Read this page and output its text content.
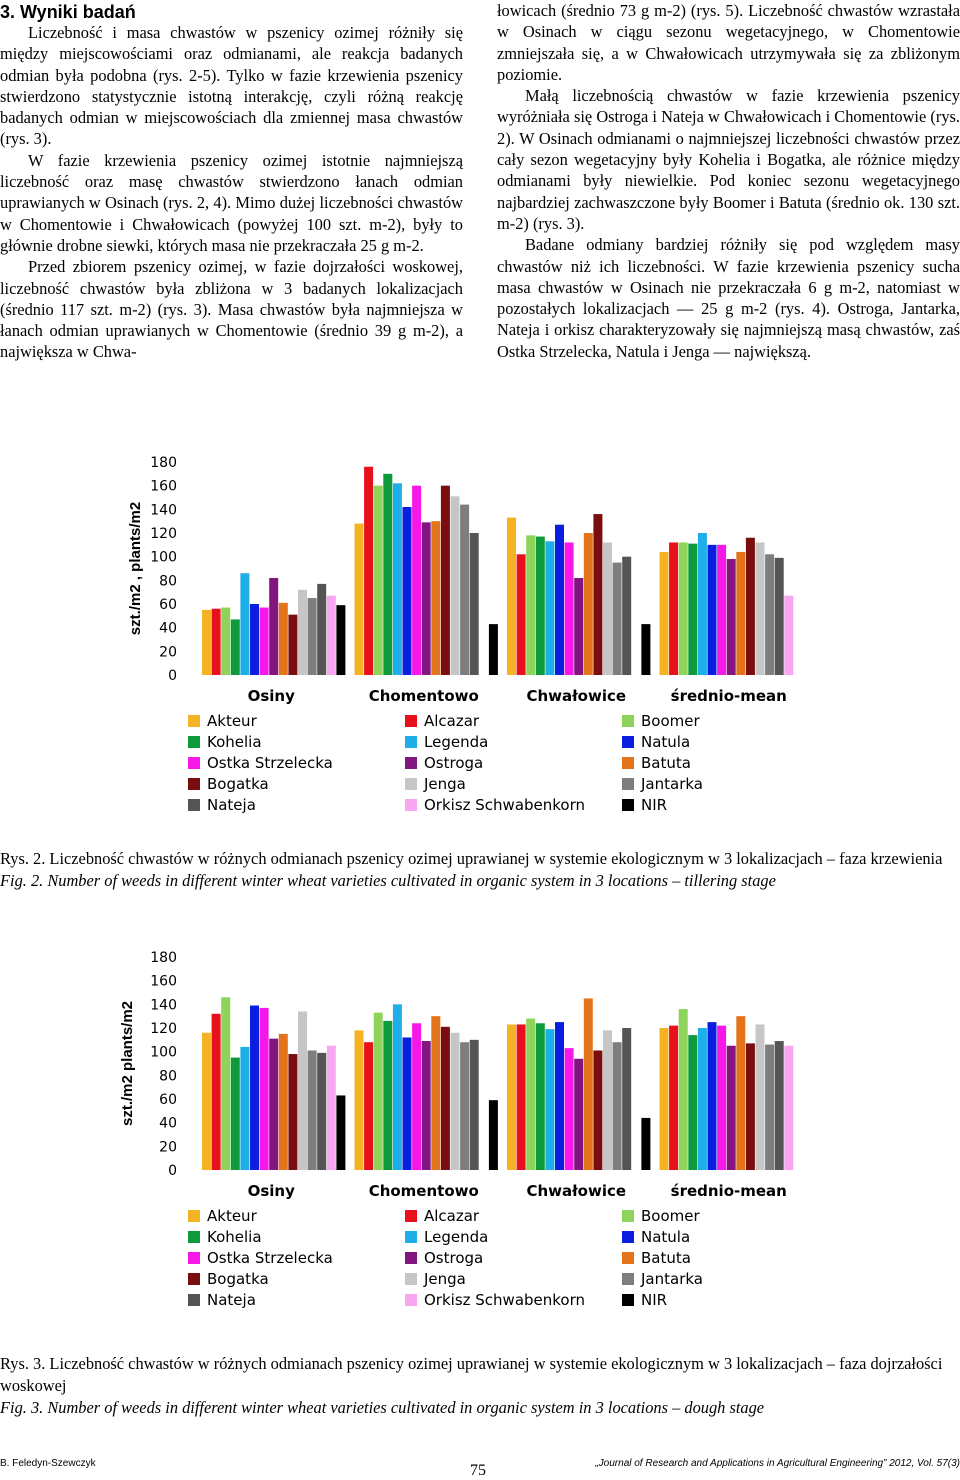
3. Wyniki badań

Liczebność i masa chwastów w pszenicy ozimej różniły się między miejscowościami oraz odmianami, ale reakcja badanych odmian była podobna (rys. 2-5). Tylko w fazie krzewienia pszenicy stwierdzono statystycznie istotną interakcję, czyli różną reakcję badanych odmian w miejscowościach dla zmiennej masa chwastów (rys. 3).

W fazie krzewienia pszenicy ozimej istotnie najmniejszą liczebność oraz masę chwastów stwierdzono łanach odmian uprawianych w Osinach (rys. 2, 4). Mimo dużej liczebności chwastów w Chomentowie i Chwałowicach (powyżej 100 szt. m-2), były to głównie drobne siewki, których masa nie przekraczała 25 g m-2.

Przed zbiorem pszenicy ozimej, w fazie dojrzałości woskowej, liczebność chwastów była zbliżona w 3 badanych lokalizacjach (średnio 117 szt. m-2) (rys. 3). Masa chwastów była najmniejsza w łanach odmian uprawianych w Chomentowie (średnio 39 g m-2), a największa w Chwa-

łowicach (średnio 73 g m-2) (rys. 5). Liczebność chwastów wzrastała w Osinach w ciągu sezonu wegetacyjnego, w Chomentowie zmniejszała się, a w Chwałowicach utrzymywała się za zbliżonym poziomie.

Małą liczebnością chwastów w fazie krzewienia pszenicy wyróżniała się Ostroga i Nateja w Chwałowicach i Chomentowie (rys. 2). W Osinach odmianami o najmniejszej liczebności chwastów przez cały sezon wegetacyjny były Kohelia i Bogatka, ale różnice między odmianami były niewielkie. Pod koniec sezonu wegetacyjnego najbardziej zachwaszczone były Boomer i Batuta (średnio ok. 130 szt. m-2) (rys. 3).

Badane odmiany bardziej różniły się pod względem masy chwastów niż ich liczebności. W fazie krzewienia pszenicy sucha masa chwastów w Osinach nie przekraczała 6 g m-2, natomiast w pozostałych lokalizacjach — 25 g m-2 (rys. 4). Ostroga, Jantarka, Nateja i orkisz charakteryzowały się najmniejszą masą chwastów, zaś Ostka Strzelecka, Natula i Jenga — największą.

0
20
40
60
80
100
120
140
160
180
szt./m2 , plants/m2
Osiny	Chomentowo	Chwałowice	średnio-mean
Akteur	Alcazar	Boomer
Kohelia	Legenda	Natula
Ostka Strzelecka	Ostroga	Batuta
Bogatka	Jenga	Jantarka
Nateja	Orkisz Schwabenkorn	NIR

Rys. 2. Liczebność chwastów w różnych odmianach pszenicy ozimej uprawianej w systemie ekologicznym w 3 lokalizacjach – faza krzewienia

Fig. 2. Number of weeds in different winter wheat varieties cultivated in organic system in 3 locations – tillering stage

0
20
40
60
80
100
120
140
160
180
szt./m2 plants/m2
Osiny	Chomentowo	Chwałowice	średnio-mean
Akteur	Alcazar	Boomer
Kohelia	Legenda	Natula
Ostka Strzelecka	Ostroga	Batuta
Bogatka	Jenga	Jantarka
Nateja	Orkisz Schwabenkorn	NIR

Rys. 3. Liczebność chwastów w różnych odmianach pszenicy ozimej uprawianej w systemie ekologicznym w 3 lokalizacjach – faza dojrzałości woskowej

Fig. 3. Number of weeds in different winter wheat varieties cultivated in organic system in 3 locations – dough stage

B. Feledyn-Szewczyk	75	„Journal of Research and Applications in Agricultural Engineering” 2012, Vol. 57(3)
